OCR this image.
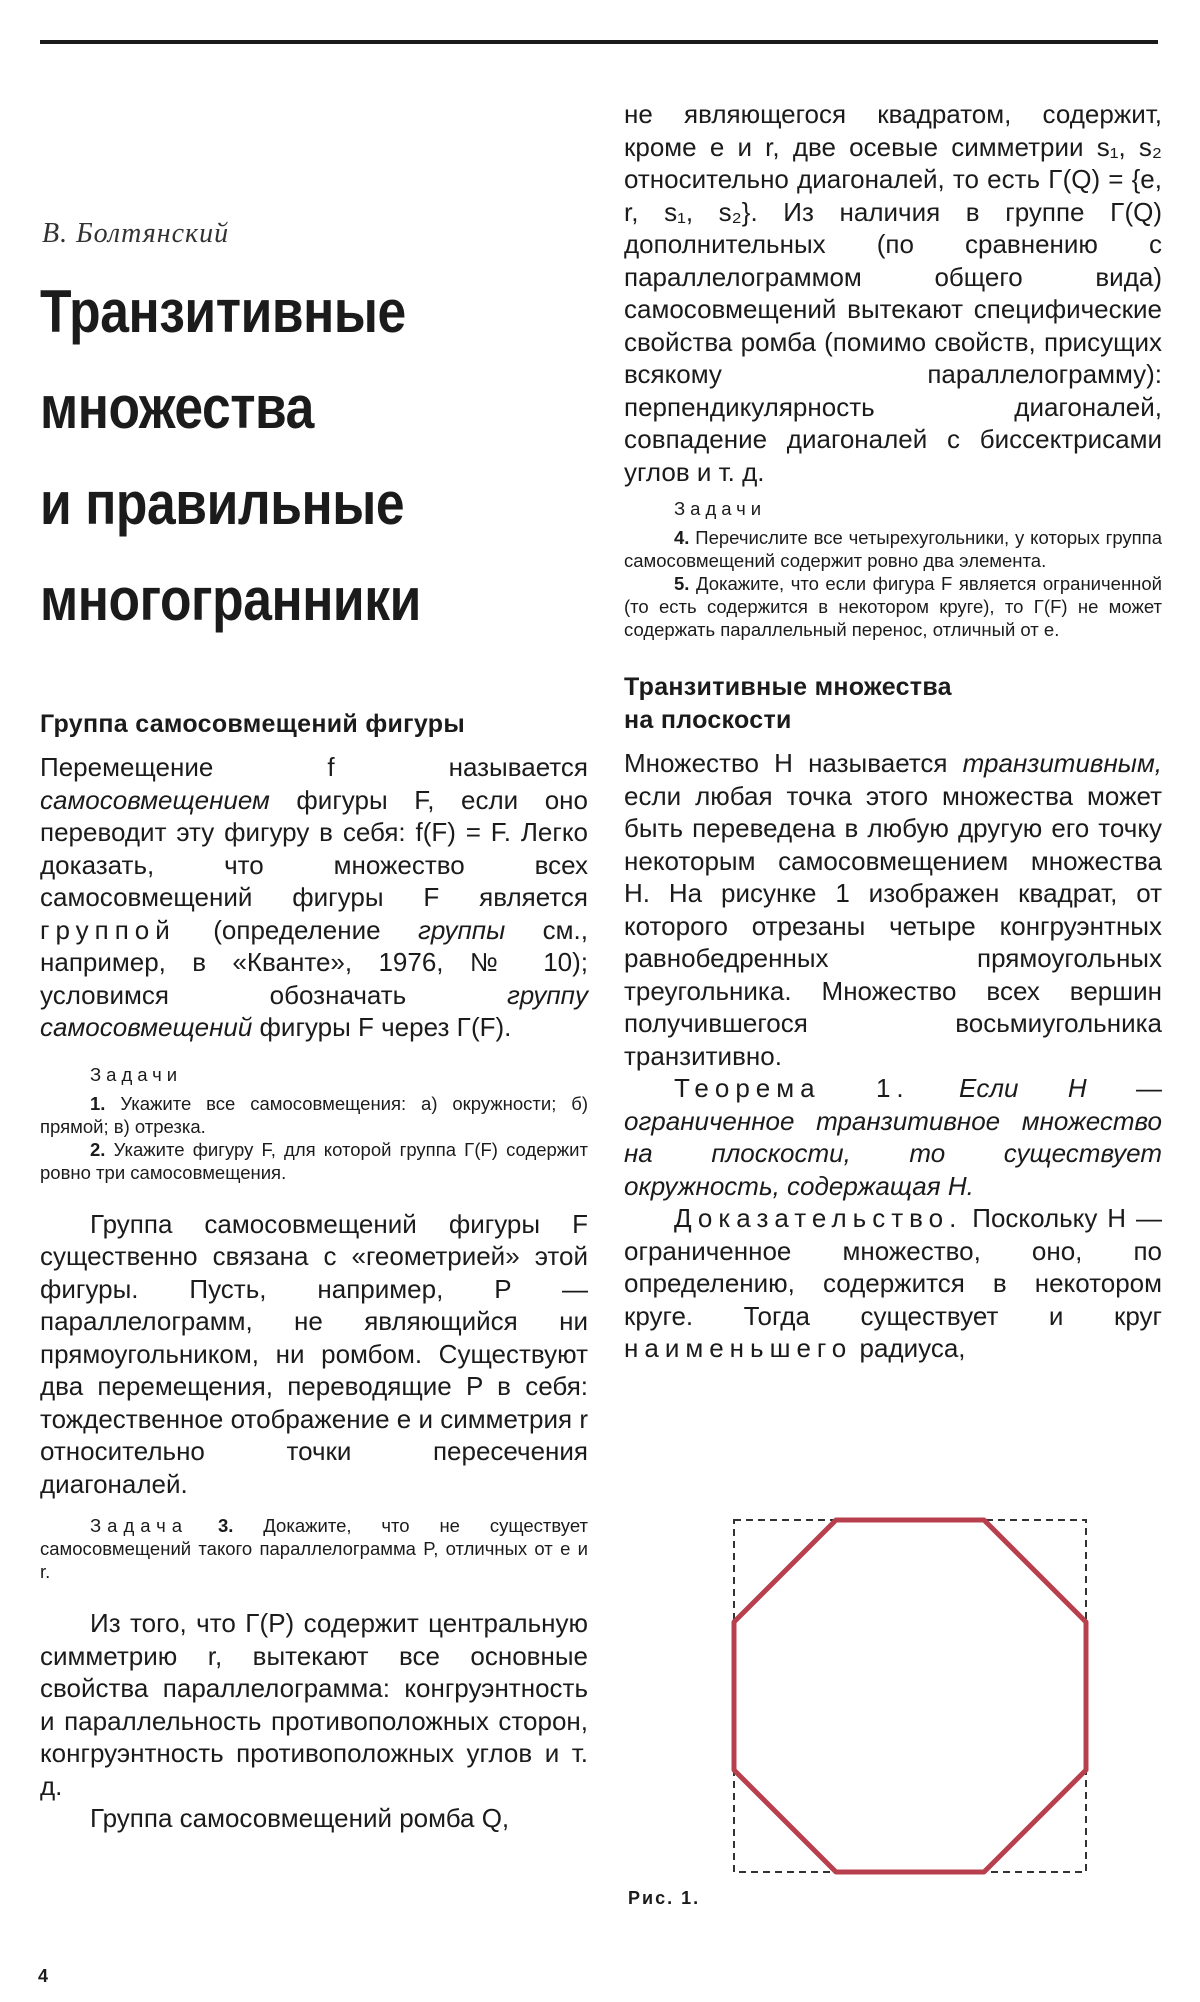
В. Болтянский
Транзитивные
множества
и правильные
многогранники
Группа самосовмещений фигуры

Перемещение f называется самосовмещением фигуры F, если оно переводит эту фигуру в себя: f(F) = F. Легко доказать, что множество всех самосовмещений фигуры F является группой (определение группы см., например, в «Кванте», 1976, № 10); условимся обозначать группу самосовмещений фигуры F через Γ(F).

Задачи

1. Укажите все самосовмещения: а) окружности; б) прямой; в) отрезка.

2. Укажите фигуру F, для которой группа Γ(F) содержит ровно три самосовмещения.

Группа самосовмещений фигуры F существенно связана с «геометрией» этой фигуры. Пусть, например, P — параллелограмм, не являющийся ни прямоугольником, ни ромбом. Существуют два перемещения, переводящие P в себя: тождественное отображение e и симметрия r относительно точки пересечения диагоналей.

Задача 3. Докажите, что не существует самосовмещений такого параллелограмма P, отличных от e и r.

Из того, что Γ(P) содержит центральную симметрию r, вытекают все основные свойства параллелограмма: конгруэнтность и параллельность противоположных сторон, конгруэнтность противоположных углов и т. д.

Группа самосовмещений ромба Q,

не являющегося квадратом, содержит, кроме e и r, две осевые симметрии s₁, s₂ относительно диагоналей, то есть Γ(Q) = {e, r, s₁, s₂}. Из наличия в группе Γ(Q) дополнительных (по сравнению с параллелограммом общего вида) самосовмещений вытекают специфические свойства ромба (помимо свойств, присущих всякому параллелограмму): перпендикулярность диагоналей, совпадение диагоналей с биссектрисами углов и т. д.

Задачи

4. Перечислите все четырехугольники, у которых группа самосовмещений содержит ровно два элемента.

5. Докажите, что если фигура F является ограниченной (то есть содержится в некотором круге), то Γ(F) не может содержать параллельный перенос, отличный от e.

Транзитивные множества
на плоскости

Множество H называется транзитивным, если любая точка этого множества может быть переведена в любую другую его точку некоторым самосовмещением множества H. На рисунке 1 изображен квадрат, от которого отрезаны четыре конгруэнтных равнобедренных прямоугольных треугольника. Множество всех вершин получившегося восьмиугольника транзитивно.

Теорема 1. Если H — ограниченное транзитивное множество на плоскости, то существует окружность, содержащая H.

Доказательство. Поскольку H — ограниченное множество, оно, по определению, содержится в некотором круге. Тогда существует и круг наименьшего радиуса,

Рис. 1.
4
